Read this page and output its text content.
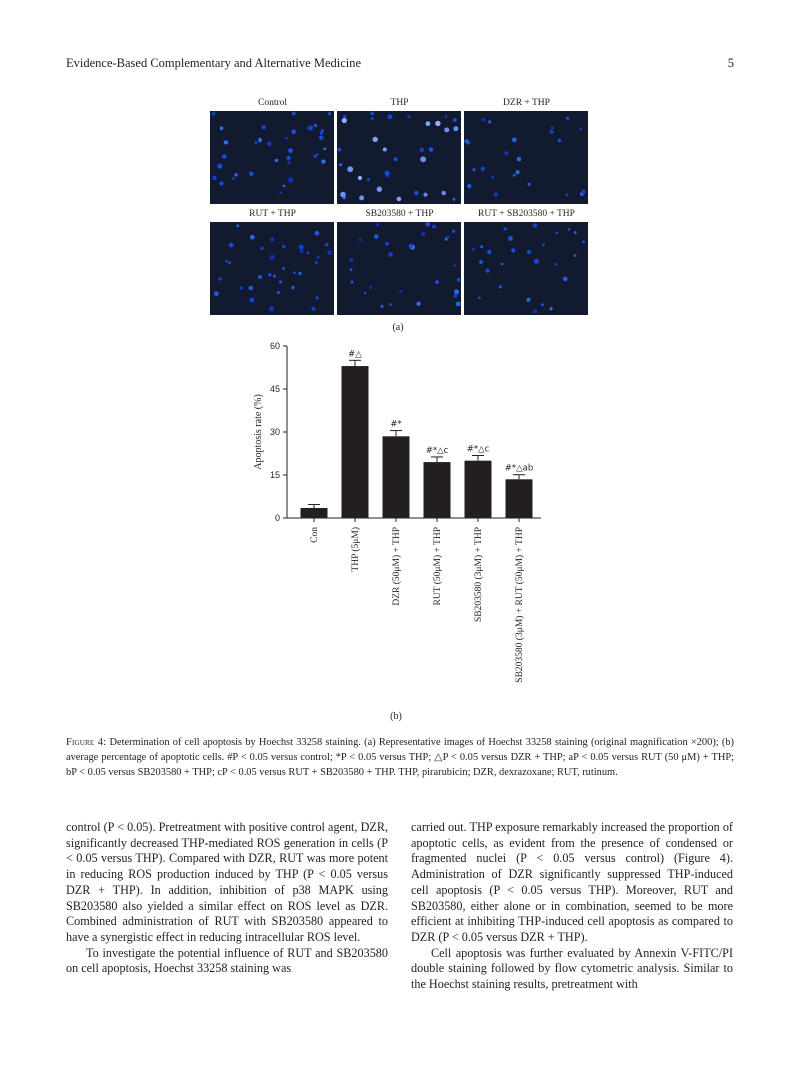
Evidence-Based Complementary and Alternative Medicine	5
Control	THP	DZR + THP
RUT + THP	SB203580 + THP	RUT + SB203580 + THP
(a)
0
15
30
45
60
Apoptosis rate (%)
Con
#△
THP (5μM)
#*
DZR (50μM) + THP
#*△c
RUT (50μM) + THP
#*△c
SB203580 (3μM) + THP
#*△ab
SB203580 (3μM) + RUT (50μM) + THP
(b)
Figure 4: Determination of cell apoptosis by Hoechst 33258 staining. (a) Representative images of Hoechst 33258 staining (original magnification ×200); (b) average percentage of apoptotic cells. #P < 0.05 versus control; *P < 0.05 versus THP; △P < 0.05 versus DZR + THP; aP < 0.05 versus RUT (50 μM) + THP; bP < 0.05 versus SB203580 + THP; cP < 0.05 versus RUT + SB203580 + THP. THP, pirarubicin; DZR, dexrazoxane; RUT, rutinum.

control (P < 0.05). Pretreatment with positive control agent, DZR, significantly decreased THP-mediated ROS generation in cells (P < 0.05 versus THP). Compared with DZR, RUT was more potent in reducing ROS production induced by THP (P < 0.05 versus DZR + THP). In addition, inhibition of p38 MAPK using SB203580 also yielded a similar effect on ROS level as DZR. Combined administration of RUT with SB203580 appeared to have a synergistic effect in reducing intracellular ROS level.

To investigate the potential influence of RUT and SB203580 on cell apoptosis, Hoechst 33258 staining was

carried out. THP exposure remarkably increased the proportion of apoptotic cells, as evident from the presence of condensed or fragmented nuclei (P < 0.05 versus control) (Figure 4). Administration of DZR significantly suppressed THP-induced cell apoptosis (P < 0.05 versus THP). Moreover, RUT and SB203580, either alone or in combination, seemed to be more efficient at inhibiting THP-induced cell apoptosis as compared to DZR (P < 0.05 versus DZR + THP).

Cell apoptosis was further evaluated by Annexin V-FITC/PI double staining followed by flow cytometric analysis. Similar to the Hoechst staining results, pretreatment with
